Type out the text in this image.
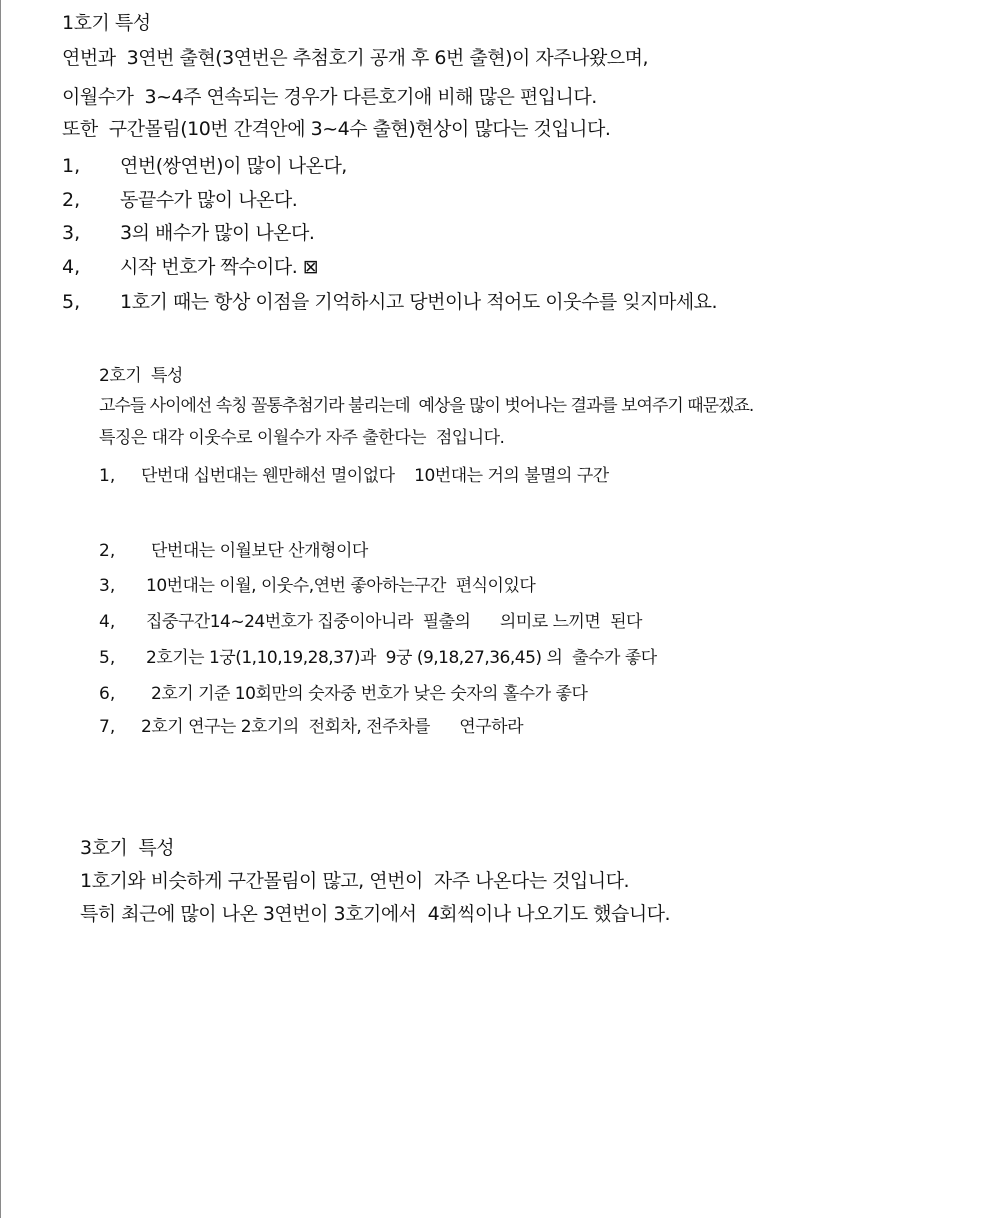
1호기 특성
연번과  3연번 출현(3연번은 추첨호기 공개 후 6번 출현)이 자주나왔으며,
이월수가  3~4주 연속되는 경우가 다른호기애 비해 많은 편입니다.
또한  구간몰림(10번 간격안에 3~4수 출현)현상이 많다는 것입니다.
1, 연번(쌍연번)이 많이 나온다,
2, 동끝수가 많이 나온다.
3, 3의 배수가 많이 나온다.
4, 시작 번호가 짝수이다. ⊠
5, 1호기 때는 항상 이점을 기억하시고 당번이나 적어도 이웃수를 잊지마세요.
2호기  특성
고수들 사이에선 속칭 꼴통추첨기라 불리는데  예상을 많이 벗어나는 결과를 보여주기 때문겠죠.
특징은 대각 이웃수로 이월수가 자주 출한다는  점입니다.
1, 단번대 십번대는 웬만해선 멸이없다    10번대는 거의 불멸의 구간
2, 단번대는 이월보단 산개형이다
3, 10번대는 이월, 이웃수,연번 좋아하는구간  편식이있다
4, 집중구간14~24번호가 집중이아니라  필출의      의미로 느끼면  된다
5, 2호기는 1궁(1,10,19,28,37)과  9궁 (9,18,27,36,45) 의  출수가 좋다
6, 2호기 기준 10회만의 숫자중 번호가 낮은 숫자의 홀수가 좋다
7, 2호기 연구는 2호기의  전회차, 전주차를      연구하라
3호기  특성
1호기와 비슷하게 구간몰림이 많고, 연번이  자주 나온다는 것입니다.
특히 최근에 많이 나온 3연번이 3호기에서  4회씩이나 나오기도 했습니다.
